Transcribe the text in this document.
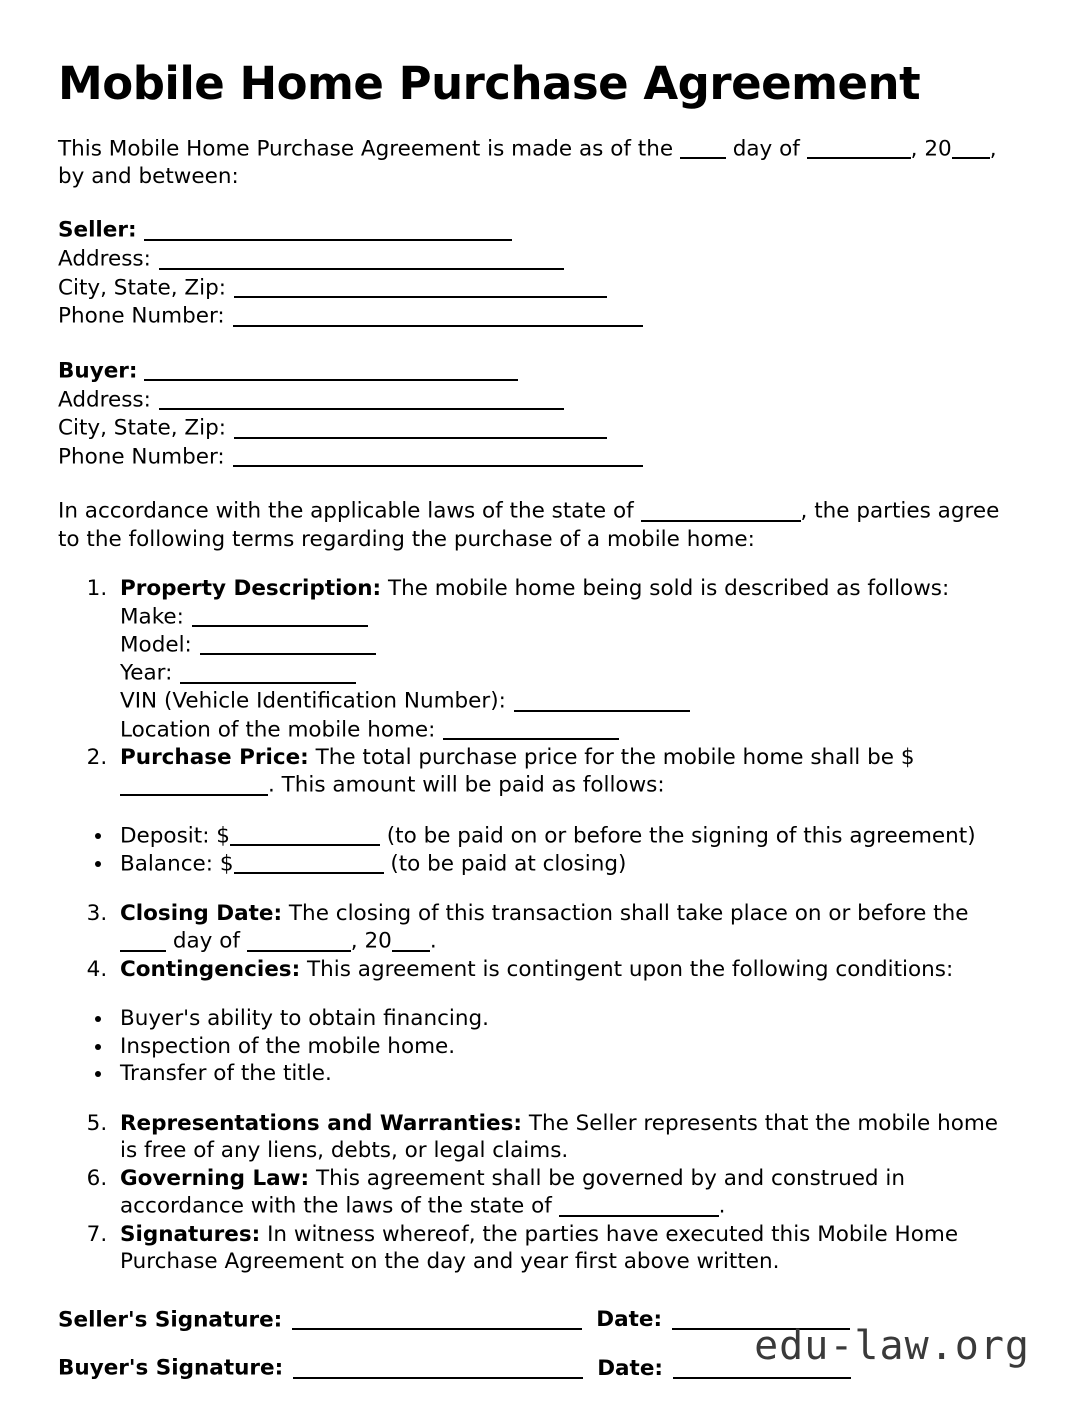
Mobile Home Purchase Agreement

This Mobile Home Purchase Agreement is made as of the  day of	, 20 , by and between:

Seller:
Address:
City, State, Zip:
Phone Number:
Buyer:
Address:
City, State, Zip:
Phone Number:

In accordance with the applicable laws of the state of	, the parties agree to the following terms regarding the purchase of a mobile home:

1. Property Description: The mobile home being sold is described as follows:
Make:
Model:
Year:
VIN (Vehicle Identification Number):
Location of the mobile home:
2. Purchase Price: The total purchase price for the mobile home shall be $. This amount will be paid as follows:
• Deposit: $	(to be paid on or before the signing of this agreement)
• Balance: $	(to be paid at closing)
3. Closing Date: The closing of this transaction shall take place on or before the  day of	, 20 .
4. Contingencies: This agreement is contingent upon the following conditions:
• Buyer's ability to obtain financing.
• Inspection of the mobile home.
• Transfer of the title.
5. Representations and Warranties: The Seller represents that the mobile home is free of any liens, debts, or legal claims.
6. Governing Law: This agreement shall be governed by and construed in accordance with the laws of the state of	.
7. Signatures: In witness whereof, the parties have executed this Mobile Home Purchase Agreement on the day and year first above written.
Seller's Signature:	Date:
Buyer's Signature:	Date:	edu-law.org
